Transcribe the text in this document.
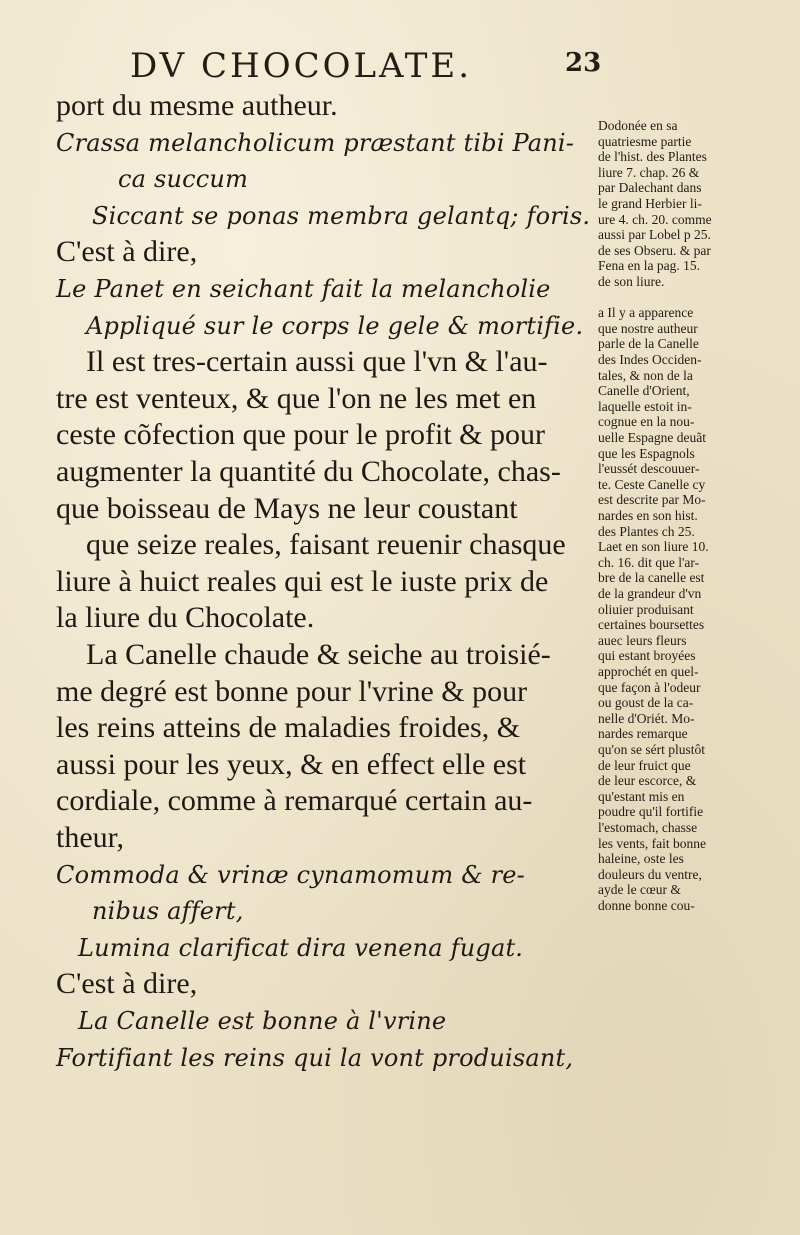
DV CHOCOLATE.	23
port du mesme autheur.
Crassa melancholicum præstant tibi Pani-
ca succum
Siccant se ponas membra gelantq; foris.
C'est à dire,
Le Panet en seichant fait la melancholie
Appliqué sur le corps le gele & mortifie.
Il est tres-certain aussi que l'vn & l'au-
tre est venteux, & que l'on ne les met en
ceste cõfection que pour le profit & pour
augmenter la quantité du Chocolate, chas-
que boisseau de Mays ne leur coustant
que seize reales, faisant reuenir chasque
liure à huict reales qui est le iuste prix de
la liure du Chocolate.
La Canelle chaude & seiche au troisié-
me degré est bonne pour l'vrine & pour
les reins atteins de maladies froides, &
aussi pour les yeux, & en effect elle est
cordiale, comme à remarqué certain au-
theur,
Commoda & vrinæ cynamomum & re-
nibus affert,
Lumina clarificat dira venena fugat.
C'est à dire,
La Canelle est bonne à l'vrine
Fortifiant les reins qui la vont produisant,
Dodonée en sa
quatriesme partie
de l'hist. des Plantes
liure 7. chap. 26 &
par Dalechant dans
le grand Herbier li-
ure 4. ch. 20. comme
aussi par Lobel p 25.
de ses Obseru. & par
Fena en la pag. 15.
de son liure.
a Il y a apparence
que nostre autheur
parle de la Canelle
des Indes Occiden-
tales, & non de la
Canelle d'Orient,
laquelle estoit in-
cognue en la nou-
uelle Espagne deuãt
que les Espagnols
l'eussét descouuer-
te. Ceste Canelle cy
est descrite par Mo-
nardes en son hist.
des Plantes ch 25.
Laet en son liure 10.
ch. 16. dit que l'ar-
bre de la canelle est
de la grandeur d'vn
oliuier produisant
certaines boursettes
auec leurs fleurs
qui estant broyées
approchét en quel-
que façon à l'odeur
ou goust de la ca-
nelle d'Oriét. Mo-
nardes remarque
qu'on se sért plustôt
de leur fruict que
de leur escorce, &
qu'estant mis en
poudre qu'il fortifie
l'estomach, chasse
les vents, fait bonne
haleine, oste les
douleurs du ventre,
ayde le cœur &
donne bonne cou-
